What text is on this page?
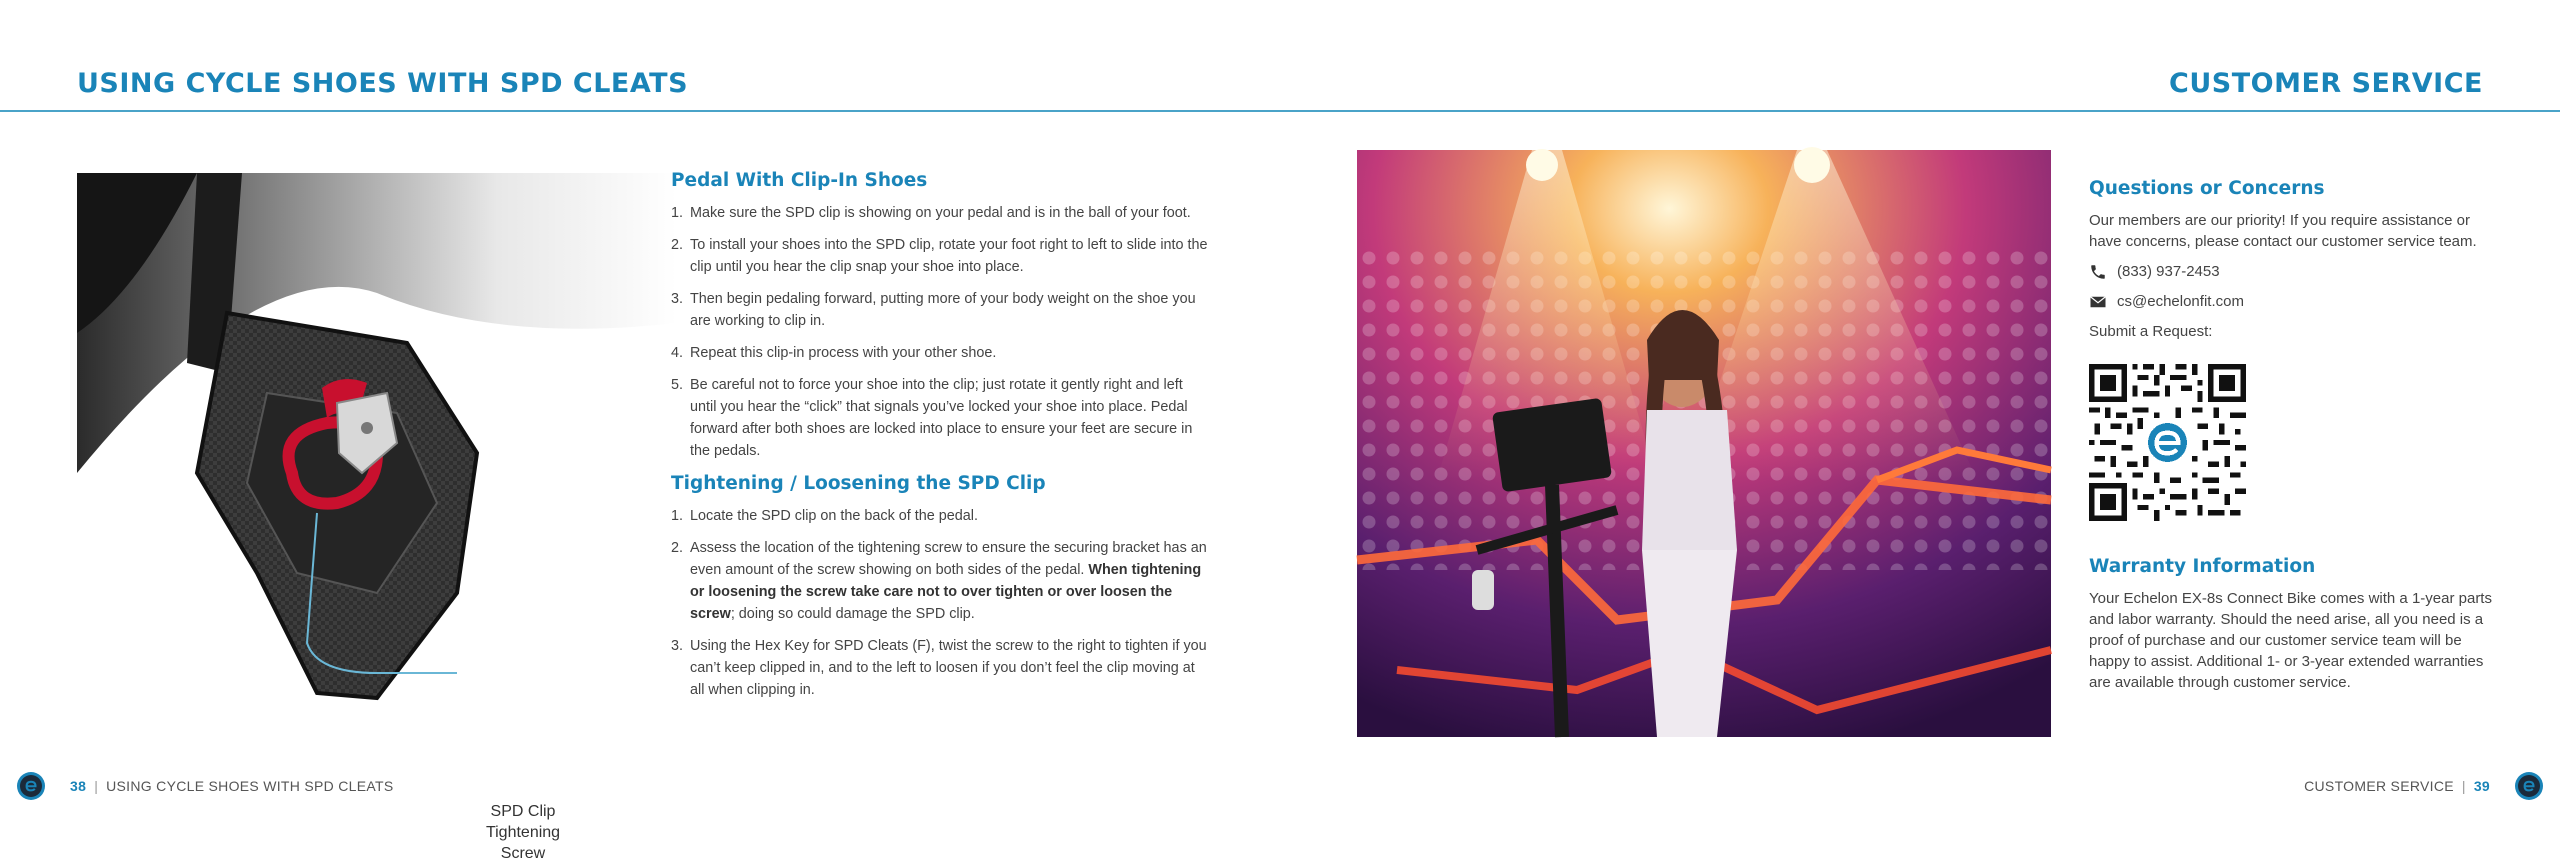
USING CYCLE SHOES WITH SPD CLEATS	CUSTOMER SERVICE
SPD Clip
Tightening
Screw
Pedal With Clip-In Shoes
1. Make sure the SPD clip is showing on your pedal and is in the ball of your foot.
2. To install your shoes into the SPD clip, rotate your foot right to left to slide into the clip until you hear the clip snap your shoe into place.
3. Then begin pedaling forward, putting more of your body weight on the shoe you are working to clip in.
4. Repeat this clip-in process with your other shoe.
5. Be careful not to force your shoe into the clip; just rotate it gently right and left until you hear the “click” that signals you’ve locked your shoe into place. Pedal forward after both shoes are locked into place to ensure your feet are secure in the pedals.
Tightening / Loosening the SPD Clip
1. Locate the SPD clip on the back of the pedal.
2. Assess the location of the tightening screw to ensure the securing bracket has an even amount of the screw showing on both sides of the pedal. When tightening or loosening the screw take care not to over tighten or over loosen the screw; doing so could damage the SPD clip.
3. Using the Hex Key for SPD Cleats (F), twist the screw to the right to tighten if you can’t keep clipped in, and to the left to loosen if you don’t feel the clip moving at all when clipping in.
Questions or Concerns

Our members are our priority! If you require assistance or have concerns, please contact our customer service team.

(833) 937-2453
cs@echelonfit.com
Submit a Request:
Warranty Information

Your Echelon EX-8s Connect Bike comes with a 1-year parts and labor warranty. Should the need arise, all you need is a proof of purchase and our customer service team will be happy to assist. Additional 1- or 3-year extended warranties are available through customer service.

38 | USING CYCLE SHOES WITH SPD CLEATS	CUSTOMER SERVICE | 39
